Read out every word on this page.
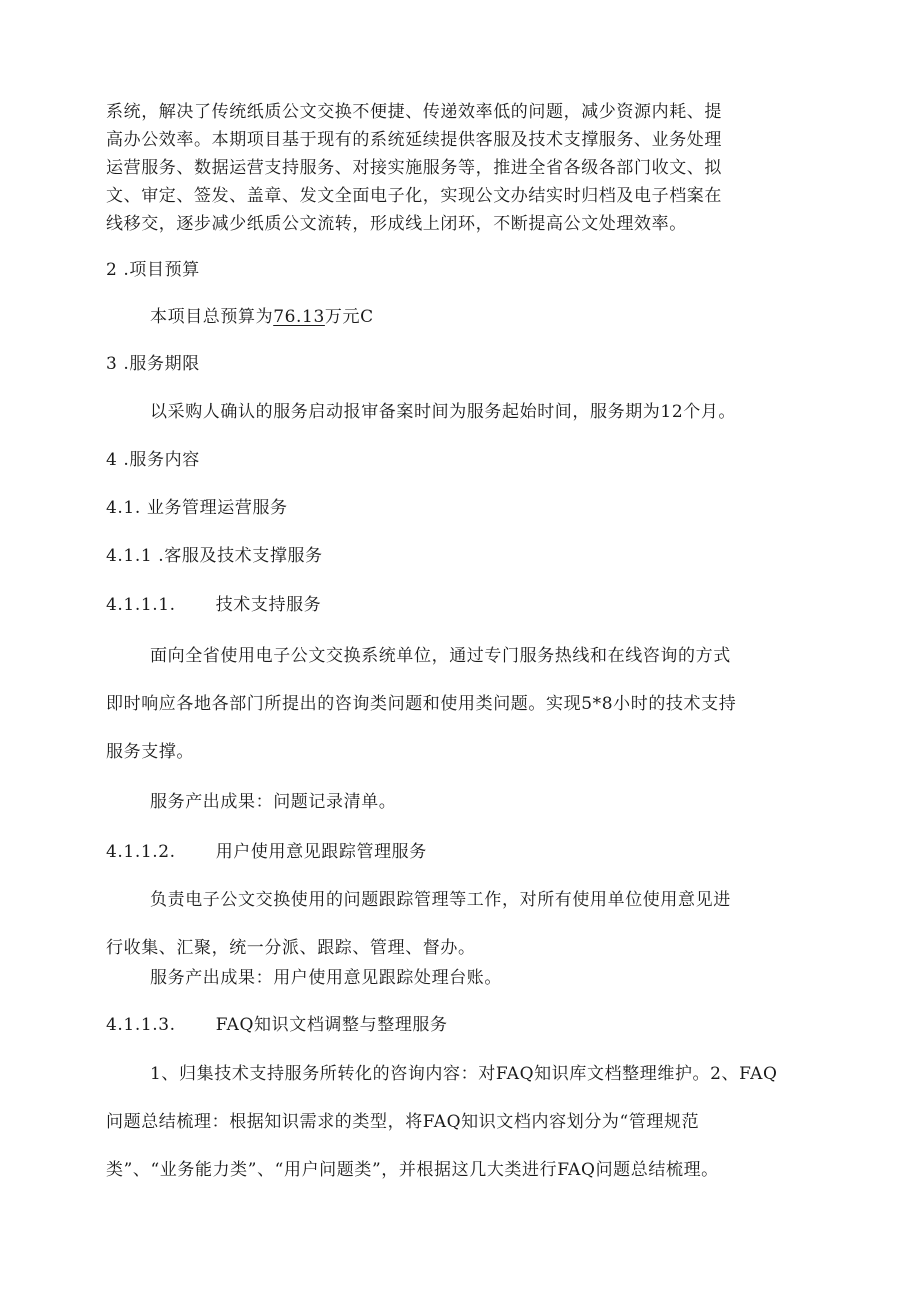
系统，解决了传统纸质公文交换不便捷、传递效率低的问题，减少资源内耗、提
高办公效率。本期项目基于现有的系统延续提供客服及技术支撑服务、业务处理
运营服务、数据运营支持服务、对接实施服务等，推进全省各级各部门收文、拟
文、审定、签发、盖章、发文全面电子化，实现公文办结实时归档及电子档案在
线移交，逐步减少纸质公文流转，形成线上闭环，不断提高公文处理效率。
2 .项目预算
本项目总预算为76.13万元C
3 .服务期限
以采购人确认的服务启动报审备案时间为服务起始时间，服务期为12个月。
4 .服务内容
4.1. 业务管理运营服务
4.1.1 .客服及技术支撑服务
4.1.1.1. 技术支持服务
面向全省使用电子公文交换系统单位，通过专门服务热线和在线咨询的方式
即时响应各地各部门所提出的咨询类问题和使用类问题。实现5*8小时的技术支持
服务支撑。
服务产出成果：问题记录清单。
4.1.1.2. 用户使用意见跟踪管理服务
负责电子公文交换使用的问题跟踪管理等工作，对所有使用单位使用意见进
行收集、汇聚，统一分派、跟踪、管理、督办。
服务产出成果：用户使用意见跟踪处理台账。
4.1.1.3. FAQ知识文档调整与整理服务
1、归集技术支持服务所转化的咨询内容：对FAQ知识库文档整理维护。2、FAQ
问题总结梳理：根据知识需求的类型，将FAQ知识文档内容划分为“管理规范
类”、“业务能力类”、“用户问题类”，并根据这几大类进行FAQ问题总结梳理。
